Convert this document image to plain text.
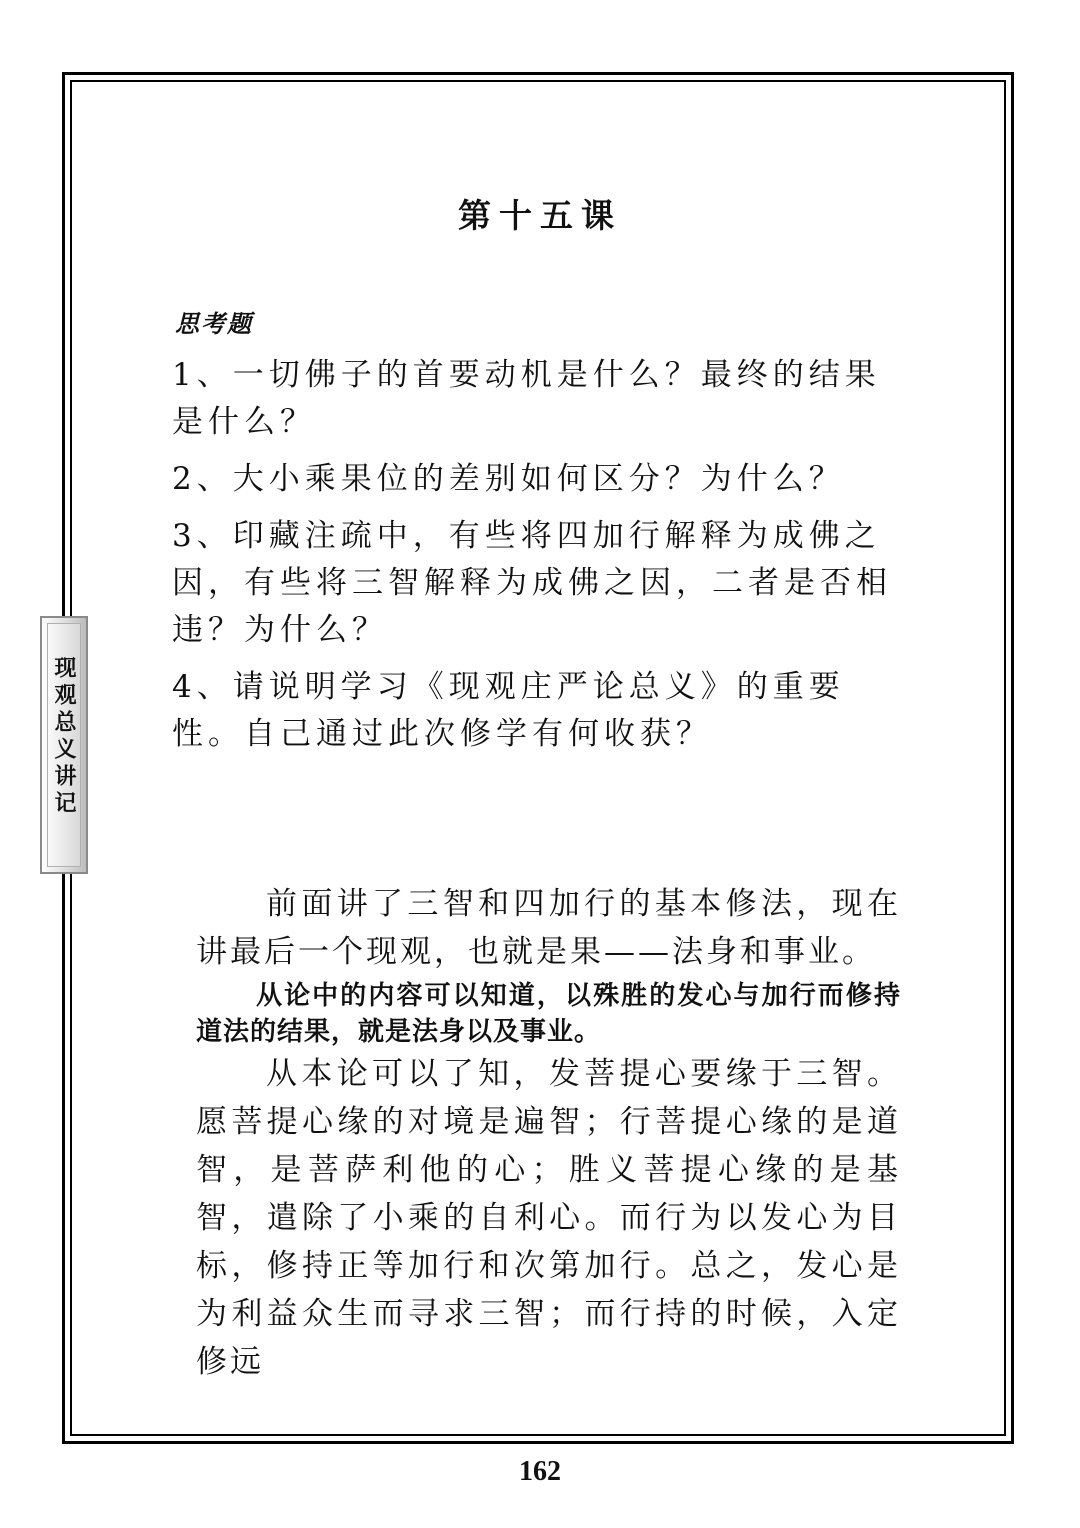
现观总义讲记
第十五课
思考题

1、一切佛子的首要动机是什么？最终的结果是什么？

2、大小乘果位的差别如何区分？为什么？

3、印藏注疏中，有些将四加行解释为成佛之因，有些将三智解释为成佛之因，二者是否相违？为什么？

4、请说明学习《现观庄严论总义》的重要性。自己通过此次修学有何收获？

前面讲了三智和四加行的基本修法，现在讲最后一个现观，也就是果——法身和事业。

从论中的内容可以知道，以殊胜的发心与加行而修持道法的结果，就是法身以及事业。

从本论可以了知，发菩提心要缘于三智。愿菩提心缘的对境是遍智；行菩提心缘的是道智，是菩萨利他的心；胜义菩提心缘的是基智，遣除了小乘的自利心。而行为以发心为目标，修持正等加行和次第加行。总之，发心是为利益众生而寻求三智；而行持的时候，入定修远

162
